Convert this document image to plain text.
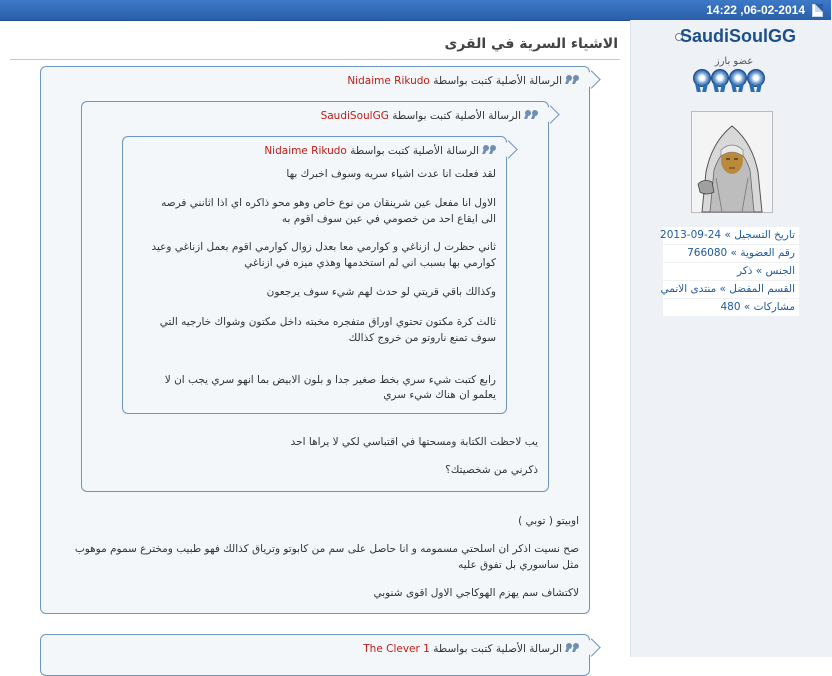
14:22 ,06-02-2014
SaudiSoulGG
عضو بارز
تاريخ التسجيل » 24-09-2013
رقم العضوية » 766080
الجنس » ذكر
القسم المفضل » منتدى الانمي
مشاركات » 480
الاشياء السرية في القرى
الرسالة الأصلية كتبت بواسطة Nidaime Rikudo
اوبيتو ( توبي )
صح نسيت اذكر ان اسلحتي مسمومه و انا حاصل على سم من كابوتو وترياق كذالك فهو طبيب ومخترع سموم موهوب
مثل ساسوري بل تفوق عليه
لاكتشاف سم يهزم الهوكاجي الاول اقوى شنوبي
الرسالة الأصلية كتبت بواسطة SaudiSoulGG
يب لاحظت الكتابة ومسحتها في اقتباسي لكي لا يراها احد
ذكرني من شخصيتك؟
الرسالة الأصلية كتبت بواسطة Nidaime Rikudo
لقد فعلت انا عدت اشياء سريه وسوف اخبرك بها
الاول انا مفعل عين شرينقان من نوع خاص وهو محو ذاكره اي اذا اثانني فرصه
الى ايقاع احد من خصومي في عين سوف اقوم به
ثاني حظرت ل ازناغي و كوارمي معا بعدل زوال كوارمي اقوم بعمل ازناغي وعيد
كوارمي بها بسبب اني لم استخدمها وهذي ميزه في ازناغي
وكذالك باقي قريتي لو حدث لهم شيء سوف يرجعون
ثالث كرة مكتون تحتوي اوراق متفجره مخبته داخل مكتون وشواك خارجيه التي
سوف تمنع ناروتو من خروج كذالك
رابع كتبت شيء سري بخط صغير جدا و بلون الابيض بما انهو سري يجب ان لا
يعلمو ان هناك شيء سري
الرسالة الأصلية كتبت بواسطة The Clever 1
